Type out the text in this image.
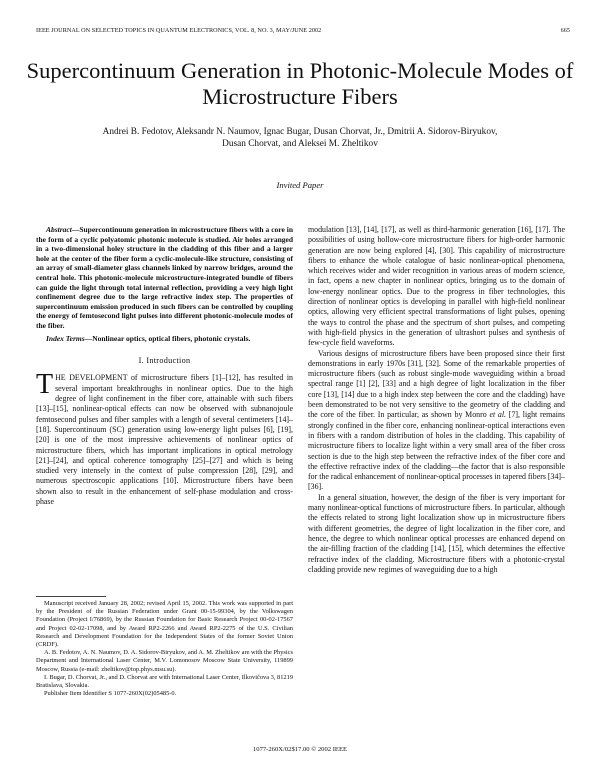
IEEE JOURNAL ON SELECTED TOPICS IN QUANTUM ELECTRONICS, VOL. 8, NO. 3, MAY/JUNE 2002	665
Supercontinuum Generation in Photonic-Molecule Modes of Microstructure Fibers
Andrei B. Fedotov, Aleksandr N. Naumov, Ignac Bugar, Dusan Chorvat, Jr., Dmitrii A. Sidorov-Biryukov,
Dusan Chorvat, and Aleksei M. Zheltikov
Invited Paper

Abstract—Supercontinuum generation in microstructure fibers with a core in the form of a cyclic polyatomic photonic molecule is studied. Air holes arranged in a two-dimensional holey structure in the cladding of this fiber and a larger hole at the center of the fiber form a cyclic-molecule-like structure, consisting of an array of small-diameter glass channels linked by narrow bridges, around the central hole. This photonic-molecule microstructure-integrated bundle of fibers can guide the light through total internal reflection, providing a very high light confinement degree due to the large refractive index step. The properties of supercontinuum emission produced in such fibers can be controlled by coupling the energy of femtosecond light pulses into different photonic-molecule modes of the fiber.

Index Terms—Nonlinear optics, optical fibers, photonic crystals.

I. Introduction

THE DEVELOPMENT of microstructure fibers [1]–[12], has resulted in several important breakthroughs in nonlinear optics. Due to the high degree of light confinement in the fiber core, attainable with such fibers [13]–[15], nonlinear-optical effects can now be observed with subnanojoule femtosecond pulses and fiber samples with a length of several centimeters [14]–[18]. Supercontinuum (SC) generation using low-energy light pulses [6], [19], [20] is one of the most impressive achievements of nonlinear optics of microstructure fibers, which has important implications in optical metrology [21]–[24], and optical coherence tomography [25]–[27] and which is being studied very intensely in the context of pulse compression [28], [29], and numerous spectroscopic applications [10]. Microstructure fibers have been shown also to result in the enhancement of self-phase modulation and cross-phase

Manuscript received January 28, 2002; revised April 15, 2002. This work was supported in part by the President of the Russian Federation under Grant 00-15-99304, by the Volkswagen Foundation (Project I/76869), by the Russian Foundation for Basic Research Project 00-02-17567 and Project 02-02-17098, and by Award RP2-2266 and Award RP2-2275 of the U.S. Civilian Research and Development Foundation for the Independent States of the former Soviet Union (CRDF).

A. B. Fedotov, A. N. Naumov, D. A. Sidorov-Biryukov, and A. M. Zheltikov are with the Physics Department and International Laser Center, M.V. Lomonosov Moscow State University, 119899 Moscow, Russia (e-mail: zheltikov@top.phys.msu.su).

I. Bugar, D. Chorvat, Jr., and D. Chorvat are with International Laser Center, Ilkovičova 3, 81219 Bratislava, Slovakia.

Publisher Item Identifier S 1077-260X(02)05485-0.

modulation [13], [14], [17], as well as third-harmonic generation [16], [17]. The possibilities of using hollow-core microstructure fibers for high-order harmonic generation are now being explored [4], [30]. This capability of microstructure fibers to enhance the whole catalogue of basic nonlinear-optical phenomena, which receives wider and wider recognition in various areas of modern science, in fact, opens a new chapter in nonlinear optics, bringing us to the domain of low-energy nonlinear optics. Due to the progress in fiber technologies, this direction of nonlinear optics is developing in parallel with high-field nonlinear optics, allowing very efficient spectral transformations of light pulses, opening the ways to control the phase and the spectrum of short pulses, and competing with high-field physics in the generation of ultrashort pulses and synthesis of few-cycle field waveforms.

Various designs of microstructure fibers have been proposed since their first demonstrations in early 1970s [31], [32]. Some of the remarkable properties of microstructure fibers (such as robust single-mode waveguiding within a broad spectral range [1] [2], [33] and a high degree of light localization in the fiber core [13], [14] due to a high index step between the core and the cladding) have been demonstrated to be not very sensitive to the geometry of the cladding and the core of the fiber. In particular, as shown by Monro et al. [7], light remains strongly confined in the fiber core, enhancing nonlinear-optical interactions even in fibers with a random distribution of holes in the cladding. This capability of microstructure fibers to localize light within a very small area of the fiber cross section is due to the high step between the refractive index of the fiber core and the effective refractive index of the cladding—the factor that is also responsible for the radical enhancement of nonlinear-optical processes in tapered fibers [34]–[36].

In a general situation, however, the design of the fiber is very important for many nonlinear-optical functions of microstructure fibers. In particular, although the effects related to strong light localization show up in microstructure fibers with different geometries, the degree of light localization in the fiber core, and hence, the degree to which nonlinear optical processes are enhanced depend on the air-filling fraction of the cladding [14], [15], which determines the effective refractive index of the cladding. Microstructure fibers with a photonic-crystal cladding provide new regimes of waveguiding due to a high

1077-260X/02$17.00 © 2002 IEEE
